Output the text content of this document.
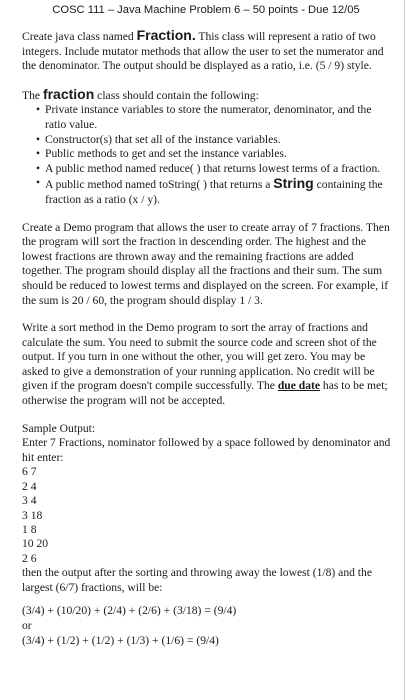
COSC 111 – Java Machine Problem 6 – 50 points - Due 12/05

Create java class named Fraction. This class will represent a ratio of two integers. Include mutator methods that allow the user to set the numerator and the denominator. The output should be displayed as a ratio, i.e. (5 / 9) style.

The fraction class should contain the following:

• Private instance variables to store the numerator, denominator, and the ratio value.
• Constructor(s) that set all of the instance variables.
• Public methods to get and set the instance variables.
• A public method named reduce( ) that returns lowest terms of a fraction.
• A public method named toString( ) that returns a String containing the fraction as a ratio (x / y).

Create a Demo program that allows the user to create array of 7 fractions. Then the program will sort the fraction in descending order. The highest and the lowest fractions are thrown away and the remaining fractions are added together. The program should display all the fractions and their sum. The sum should be reduced to lowest terms and displayed on the screen. For example, if the sum is 20 / 60, the program should display 1 / 3.

Write a sort method in the Demo program to sort the array of fractions and calculate the sum. You need to submit the source code and screen shot of the output. If you turn in one without the other, you will get zero. You may be asked to give a demonstration of your running application. No credit will be given if the program doesn't compile successfully. The due date has to be met; otherwise the program will not be accepted.

Sample Output:
Enter 7 Fractions, nominator followed by a space followed by denominator and hit enter:
6 7
2 4
3 4
3 18
1 8
10 20
2 6
then the output after the sorting and throwing away the lowest (1/8) and the largest (6/7) fractions, will be:
(3/4) + (10/20) + (2/4) + (2/6) + (3/18) = (9/4)
or
(3/4) + (1/2) + (1/2) + (1/3) + (1/6) = (9/4)
